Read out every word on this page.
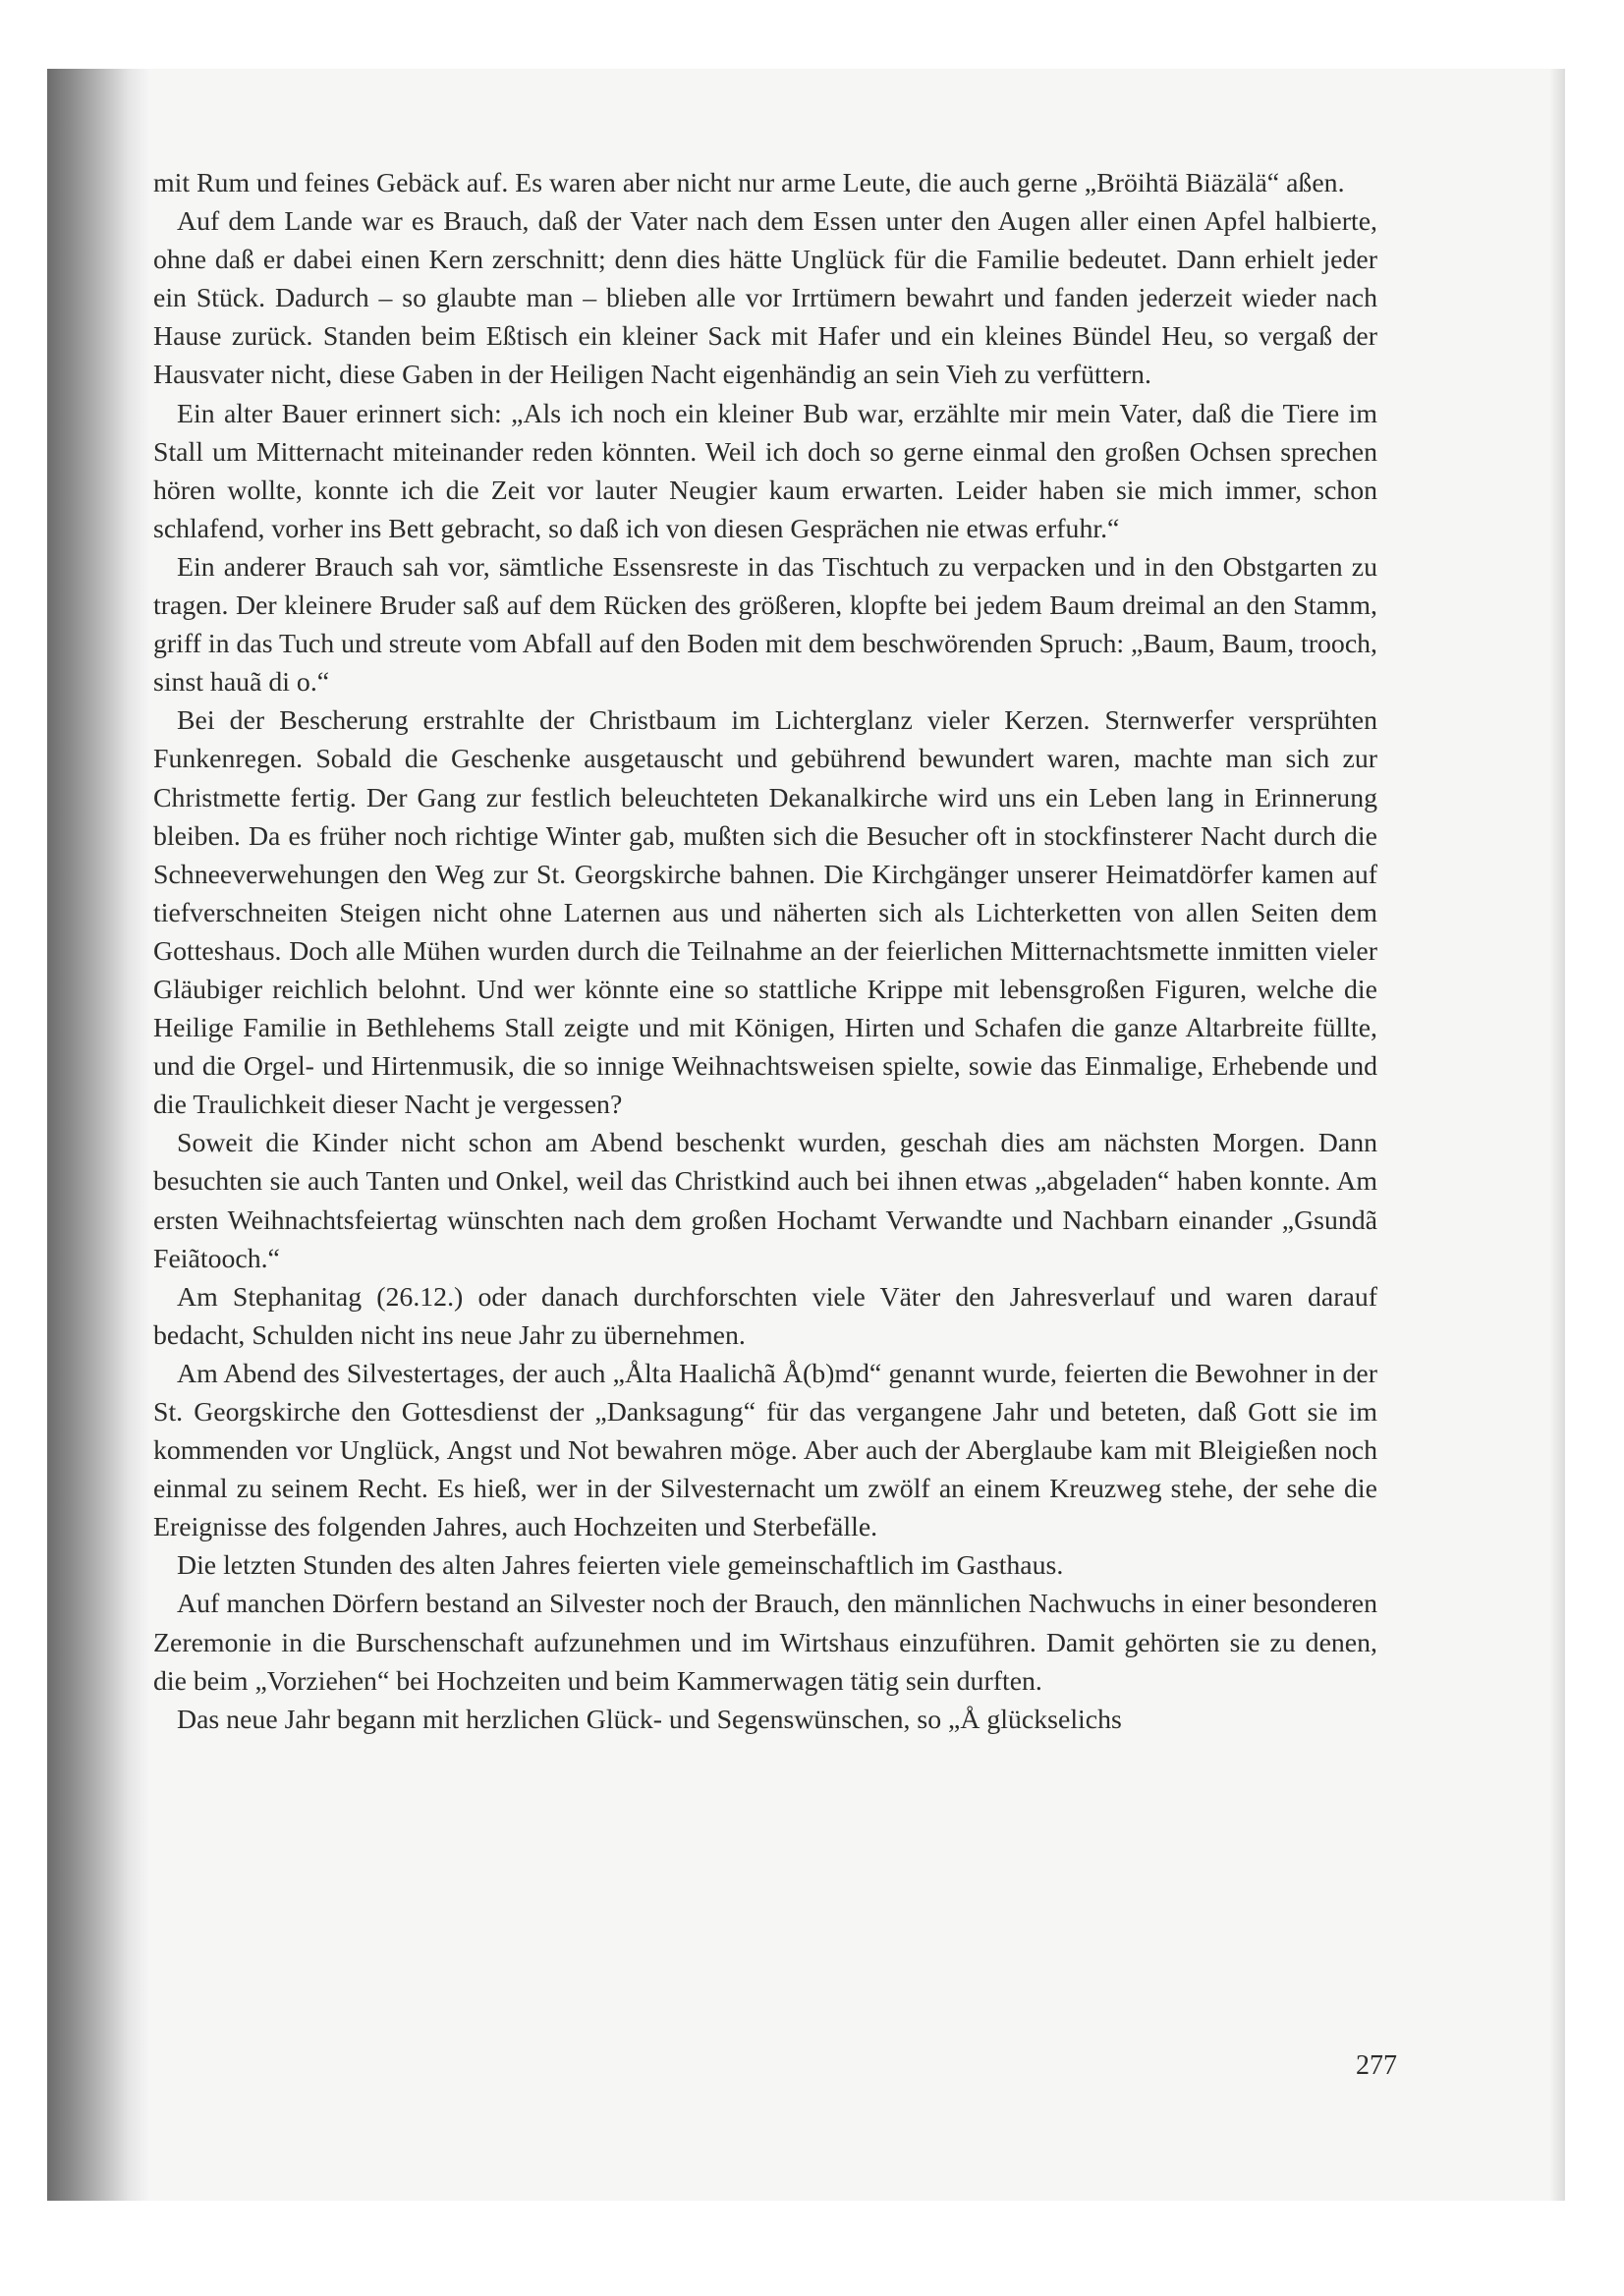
mit Rum und feines Gebäck auf. Es waren aber nicht nur arme Leute, die auch gerne „Bröihtä Biäzälä“ aßen.

Auf dem Lande war es Brauch, daß der Vater nach dem Essen unter den Augen aller einen Apfel halbierte, ohne daß er dabei einen Kern zerschnitt; denn dies hätte Unglück für die Familie bedeutet. Dann erhielt jeder ein Stück. Dadurch – so glaubte man – blieben alle vor Irrtümern bewahrt und fanden jederzeit wieder nach Hause zurück. Standen beim Eßtisch ein kleiner Sack mit Hafer und ein kleines Bündel Heu, so vergaß der Hausvater nicht, diese Gaben in der Heiligen Nacht eigenhändig an sein Vieh zu verfüttern.

Ein alter Bauer erinnert sich: „Als ich noch ein kleiner Bub war, erzählte mir mein Vater, daß die Tiere im Stall um Mitternacht miteinander reden könnten. Weil ich doch so gerne einmal den großen Ochsen sprechen hören wollte, konnte ich die Zeit vor lauter Neugier kaum erwarten. Leider haben sie mich immer, schon schlafend, vorher ins Bett gebracht, so daß ich von diesen Gesprächen nie etwas erfuhr.“

Ein anderer Brauch sah vor, sämtliche Essensreste in das Tischtuch zu verpacken und in den Obstgarten zu tragen. Der kleinere Bruder saß auf dem Rücken des größeren, klopfte bei jedem Baum dreimal an den Stamm, griff in das Tuch und streute vom Abfall auf den Boden mit dem beschwörenden Spruch: „Baum, Baum, trooch, sinst hauã di o.“

Bei der Bescherung erstrahlte der Christbaum im Lichterglanz vieler Kerzen. Sternwerfer versprühten Funkenregen. Sobald die Geschenke ausgetauscht und gebührend bewundert waren, machte man sich zur Christmette fertig. Der Gang zur festlich beleuchteten Dekanalkirche wird uns ein Leben lang in Erinnerung bleiben. Da es früher noch richtige Winter gab, mußten sich die Besucher oft in stockfinsterer Nacht durch die Schneeverwehungen den Weg zur St. Georgskirche bahnen. Die Kirchgänger unserer Heimatdörfer kamen auf tiefverschneiten Steigen nicht ohne Laternen aus und näherten sich als Lichterketten von allen Seiten dem Gotteshaus. Doch alle Mühen wurden durch die Teilnahme an der feierlichen Mitternachtsmette inmitten vieler Gläubiger reichlich belohnt. Und wer könnte eine so stattliche Krippe mit lebensgroßen Figuren, welche die Heilige Familie in Bethlehems Stall zeigte und mit Königen, Hirten und Schafen die ganze Altarbreite füllte, und die Orgel- und Hirtenmusik, die so innige Weihnachtsweisen spielte, sowie das Einmalige, Erhebende und die Traulichkeit dieser Nacht je vergessen?

Soweit die Kinder nicht schon am Abend beschenkt wurden, geschah dies am nächsten Morgen. Dann besuchten sie auch Tanten und Onkel, weil das Christkind auch bei ihnen etwas „abgeladen“ haben konnte. Am ersten Weihnachtsfeiertag wünschten nach dem großen Hochamt Verwandte und Nachbarn einander „Gsundã Feiãtooch.“

Am Stephanitag (26.12.) oder danach durchforschten viele Väter den Jahresverlauf und waren darauf bedacht, Schulden nicht ins neue Jahr zu übernehmen.

Am Abend des Silvestertages, der auch „Ålta Haalichã Å(b)md“ genannt wurde, feierten die Bewohner in der St. Georgskirche den Gottesdienst der „Danksagung“ für das vergangene Jahr und beteten, daß Gott sie im kommenden vor Unglück, Angst und Not bewahren möge. Aber auch der Aberglaube kam mit Bleigießen noch einmal zu seinem Recht. Es hieß, wer in der Silvesternacht um zwölf an einem Kreuzweg stehe, der sehe die Ereignisse des folgenden Jahres, auch Hochzeiten und Sterbefälle.

Die letzten Stunden des alten Jahres feierten viele gemeinschaftlich im Gasthaus.

Auf manchen Dörfern bestand an Silvester noch der Brauch, den männlichen Nachwuchs in einer besonderen Zeremonie in die Burschenschaft aufzunehmen und im Wirtshaus einzuführen. Damit gehörten sie zu denen, die beim „Vorziehen“ bei Hochzeiten und beim Kammerwagen tätig sein durften.

Das neue Jahr begann mit herzlichen Glück- und Segenswünschen, so „Å glückselichs

277
